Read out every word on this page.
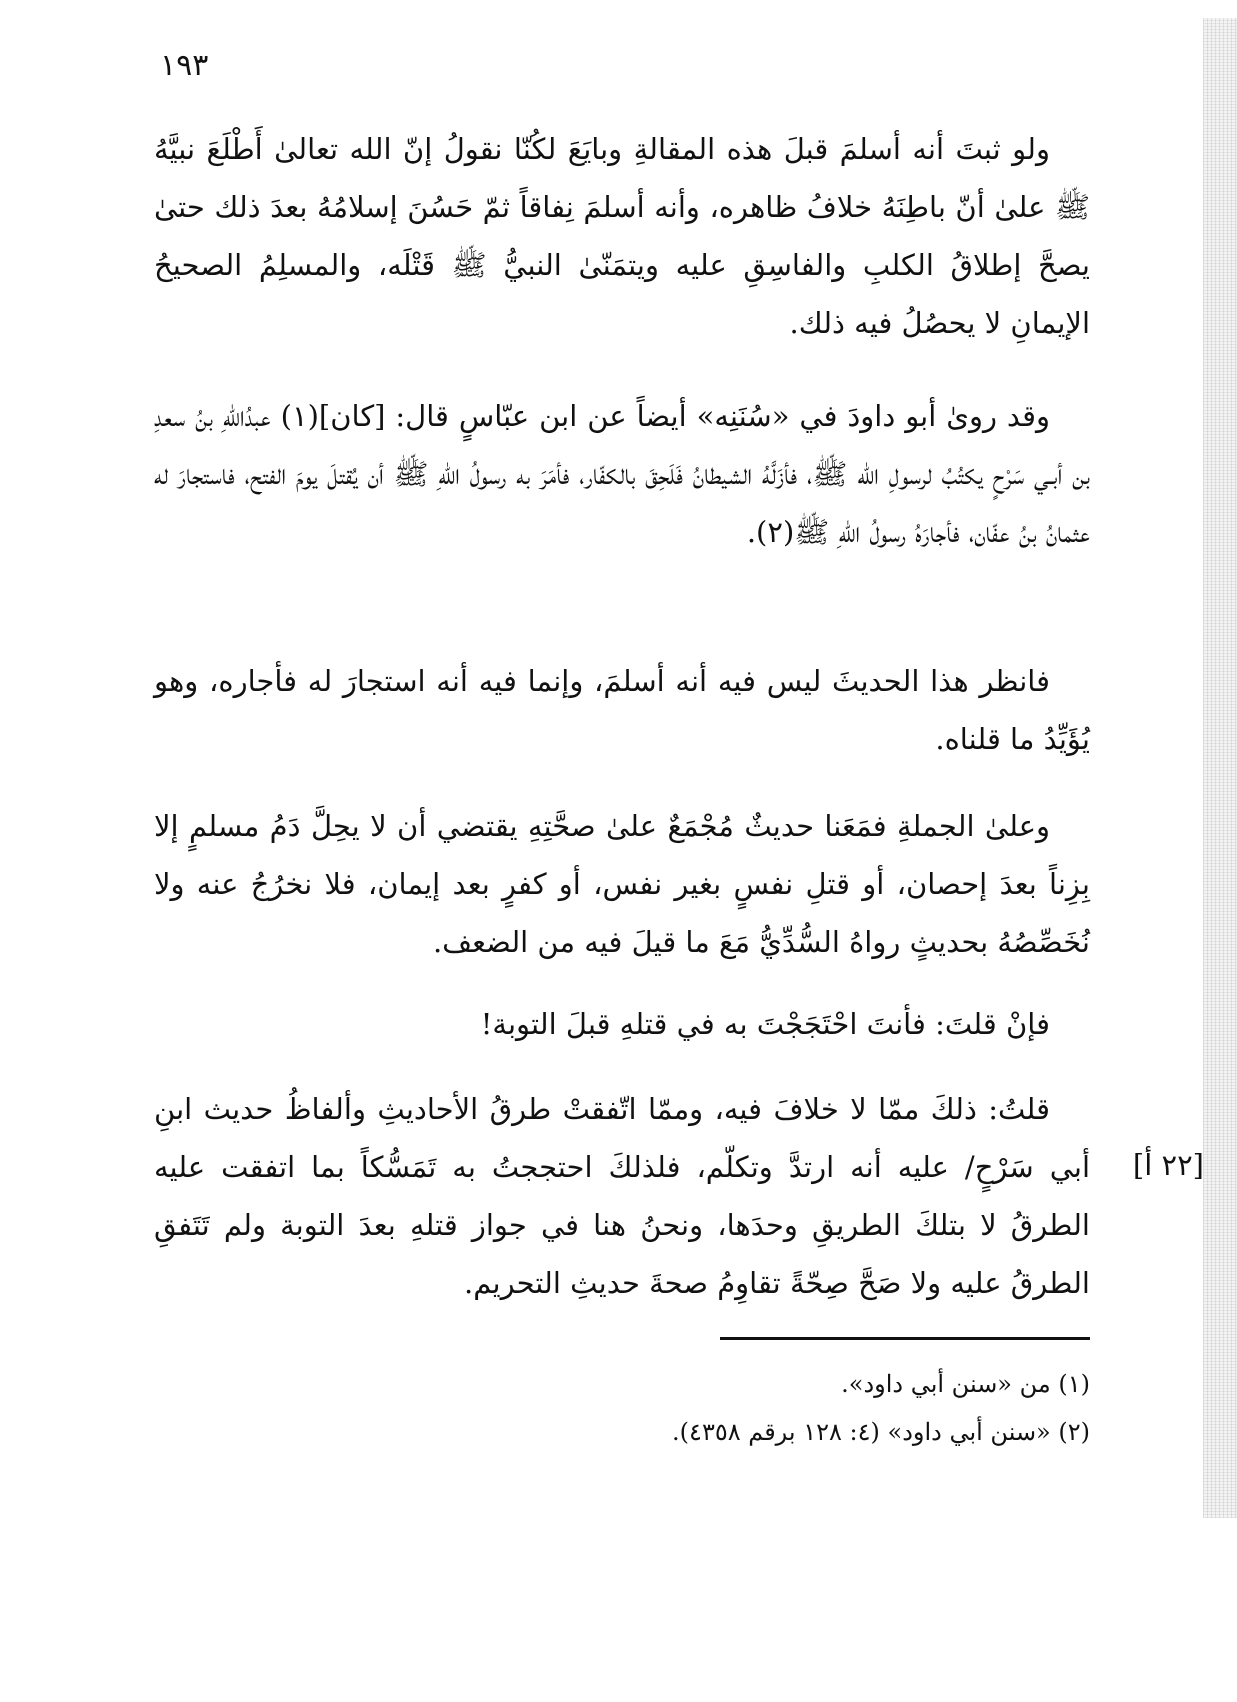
١٩٣

ولو ثبتَ أنه أسلمَ قبلَ هذه المقالةِ وبايَعَ لكُنّا نقولُ إنّ الله تعالىٰ أَطْلَعَ نبيَّهُ ﷺ علىٰ أنّ باطِنَهُ خلافُ ظاهره، وأنه أسلمَ نِفاقاً ثمّ حَسُنَ إسلامُهُ بعدَ ذلك حتىٰ يصحَّ إطلاقُ الكلبِ والفاسِقِ عليه ويتمَنّىٰ النبيُّ ﷺ قَتْلَه، والمسلِمُ الصحيحُ الإيمانِ لا يحصُلُ فيه ذلك.

وقد روىٰ أبو داودَ في «سُنَنِه» أيضاً عن ابن عبّاسٍ قال: [كان](١) عبدُاللهِ بنُ سعدِ بن أبـي سَرْحٍ يكتُبُ لرسولِ الله ﷺ، فأزَلَّهُ الشيطانُ فَلَحِقَ بالكفّار، فأمَرَ به رسولُ اللهِ ﷺ أن يُقتلَ يومَ الفتح، فاستجارَ له عثمانُ بنُ عفّان، فأجارَهُ رسولُ اللهِ ﷺ(٢).

فانظر هذا الحديثَ ليس فيه أنه أسلمَ، وإنما فيه أنه استجارَ له فأجاره، وهو يُؤَيِّدُ ما قلناه.

وعلىٰ الجملةِ فمَعَنا حديثٌ مُجْمَعٌ علىٰ صحَّتِهِ يقتضي أن لا يحِلَّ دَمُ مسلمٍ إلا بِزِناً بعدَ إحصان، أو قتلِ نفسٍ بغير نفس، أو كفرٍ بعد إيمان، فلا نخرُجُ عنه ولا نُخَصِّصُهُ بحديثٍ رواهُ السُّدِّيُّ مَعَ ما قيلَ فيه من الضعف.

فإنْ قلتَ: فأنتَ احْتَجَجْتَ به في قتلهِ قبلَ التوبة!

قلتُ: ذلكَ ممّا لا خلافَ فيه، وممّا اتّفقتْ طرقُ الأحاديثِ وألفاظُ حديث ابنِ أبي سَرْحٍ/ عليه أنه ارتدَّ وتكلّم، فلذلكَ احتججتُ به تَمَسُّكاً بما اتفقت عليه الطرقُ لا بتلكَ الطريقِ وحدَها، ونحنُ هنا في جواز قتلهِ بعدَ التوبة ولم تَتَفقِ الطرقُ عليه ولا صَحَّ صِحّةً تقاوِمُ صحةَ حديثِ التحريم.

[٢٢ أ]
(١) من «سنن أبي داود».
(٢) «سنن أبي داود» (٤: ١٢٨ برقم ٤٣٥٨).
